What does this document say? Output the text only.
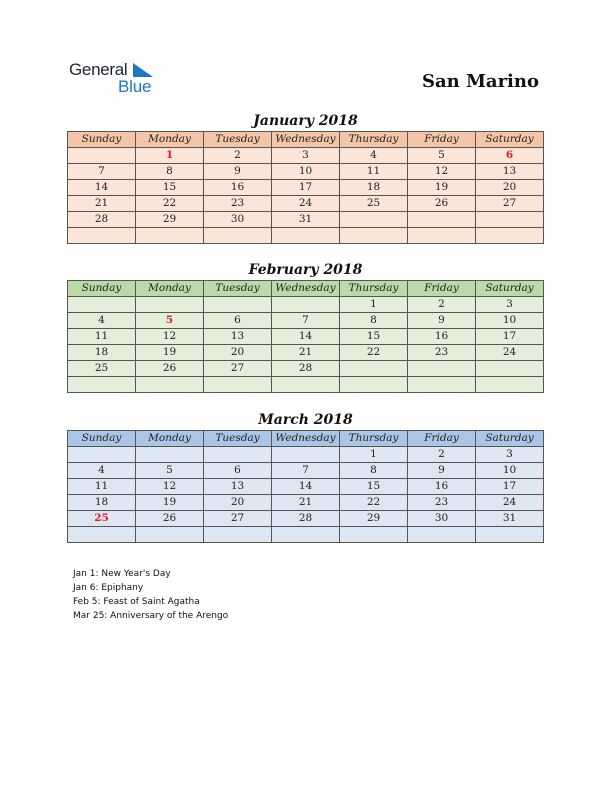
General
Blue	San Marino
January 2018
Sunday	Monday	Tuesday	Wednesday	Thursday	Friday	Saturday
	1	2	3	4	5	6
7	8	9	10	11	12	13
14	15	16	17	18	19	20
21	22	23	24	25	26	27
28	29	30	31			

February 2018
Sunday	Monday	Tuesday	Wednesday	Thursday	Friday	Saturday
				1	2	3
4	5	6	7	8	9	10
11	12	13	14	15	16	17
18	19	20	21	22	23	24
25	26	27	28			

March 2018
Sunday	Monday	Tuesday	Wednesday	Thursday	Friday	Saturday
				1	2	3
4	5	6	7	8	9	10
11	12	13	14	15	16	17
18	19	20	21	22	23	24
25	26	27	28	29	30	31

Jan 1: New Year's Day
Jan 6: Epiphany
Feb 5: Feast of Saint Agatha
Mar 25: Anniversary of the Arengo
